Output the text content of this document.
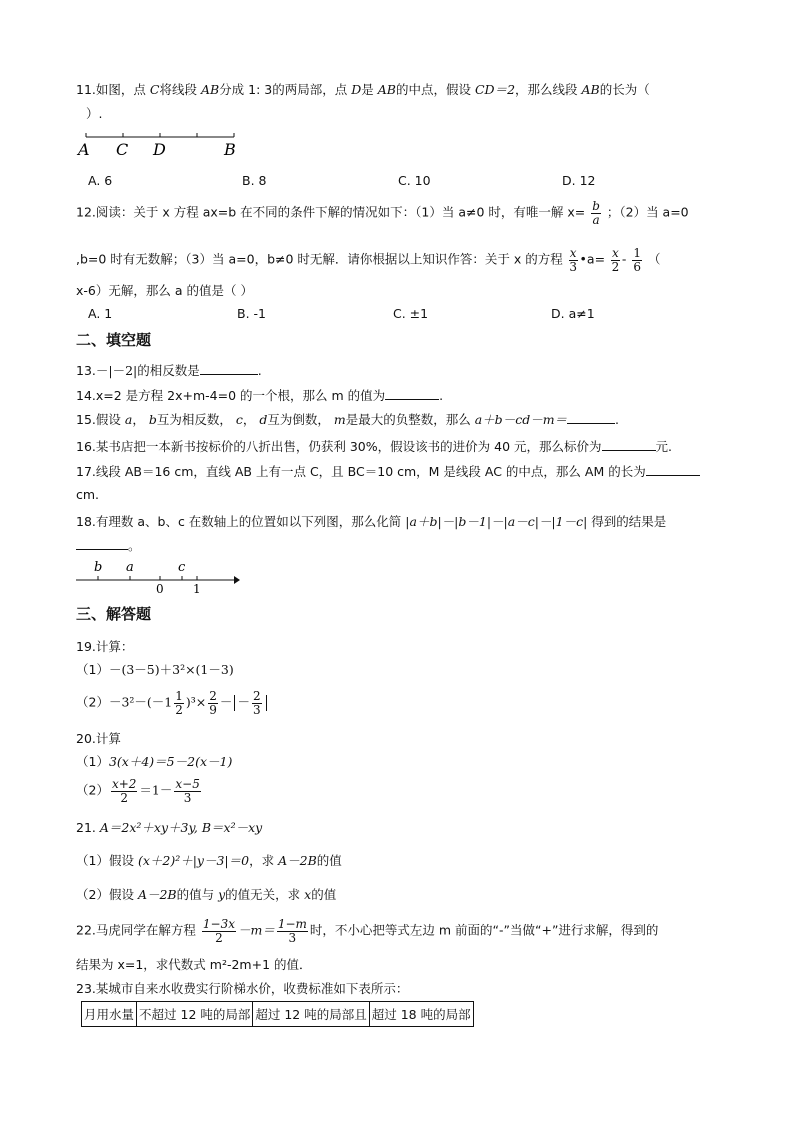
11.如图，点 C将线段 AB分成 1: 3的两局部，点 D是 AB的中点，假设 CD＝2，那么线段 AB的长为（
）.
A C D	B
A. 6	B. 8	C. 10	D. 12
12.阅读：关于 x 方程 ax=b 在不同的条件下解的情况如下：（1）当 a≠0 时，有唯一解 $x= \frac{b}{a}$ ；（2）当 a=0
,b=0 时有无数解；（3）当 a=0，b≠0 时无解．请你根据以上知识作答：关于 x 的方程 $\frac{x}{3}$ •a= $\frac{x}{2} - \frac{1}{6}$ （
x-6）无解，那么 a 的值是（ ）
A. 1	B. -1	C. ±1	D. a≠1
二、填空题
13.－|－2|的相反数是	.
14.x=2 是方程 2x+m-4=0 的一个根，那么 m 的值为	.
15.假设 a， b互为相反数， c， d互为倒数， m是最大的负整数，那么 a＋b－cd－m＝	.
16.某书店把一本新书按标价的八折出售，仍获利 30%，假设该书的进价为 40 元，那么标价为	元.
17.线段 AB＝16 cm，直线 AB 上有一点 C，且 BC＝10 cm，M 是线段 AC 的中点，那么 AM 的长为
cm.
18.有理数 a、b、c 在数轴上的位置如以下列图，那么化简 |a＋b|－|b－1|－|a－c|－|1－c| 得到的结果是
。
b a	c
0 1
三、解答题
19.计算：
（1）－(3－5)＋3²×(1－3)
$(2)-3^2-(-1 \frac{1}{2} )^3\times \frac{2}{9}$ － － $\frac{2}{3}$
20.计算
（1）3(x＋4)＝5－2(x－1)
$(2) \frac{x+2}{2} =1- \frac{x-5}{3}$
21. A＝2x²＋xy＋3y, B＝x²－xy
（1）假设 (x＋2)²＋|y－3|＝0，求 A－2B的值
（2）假设 A－2B的值与 y的值无关，求 x的值
22.马虎同学在解方程 $\frac{1-3x}{2} -m= \frac{1-m}{3}$ 时，不小心把等式左边 m 前面的“-”当做“+”进行求解，得到的
结果为 x=1，求代数式 m²-2m+1 的值．
23.某城市自来水收费实行阶梯水价，收费标准如下表所示：
月用水量	不超过 12 吨的局部	超过 12 吨的局部且	超过 18 吨的局部
